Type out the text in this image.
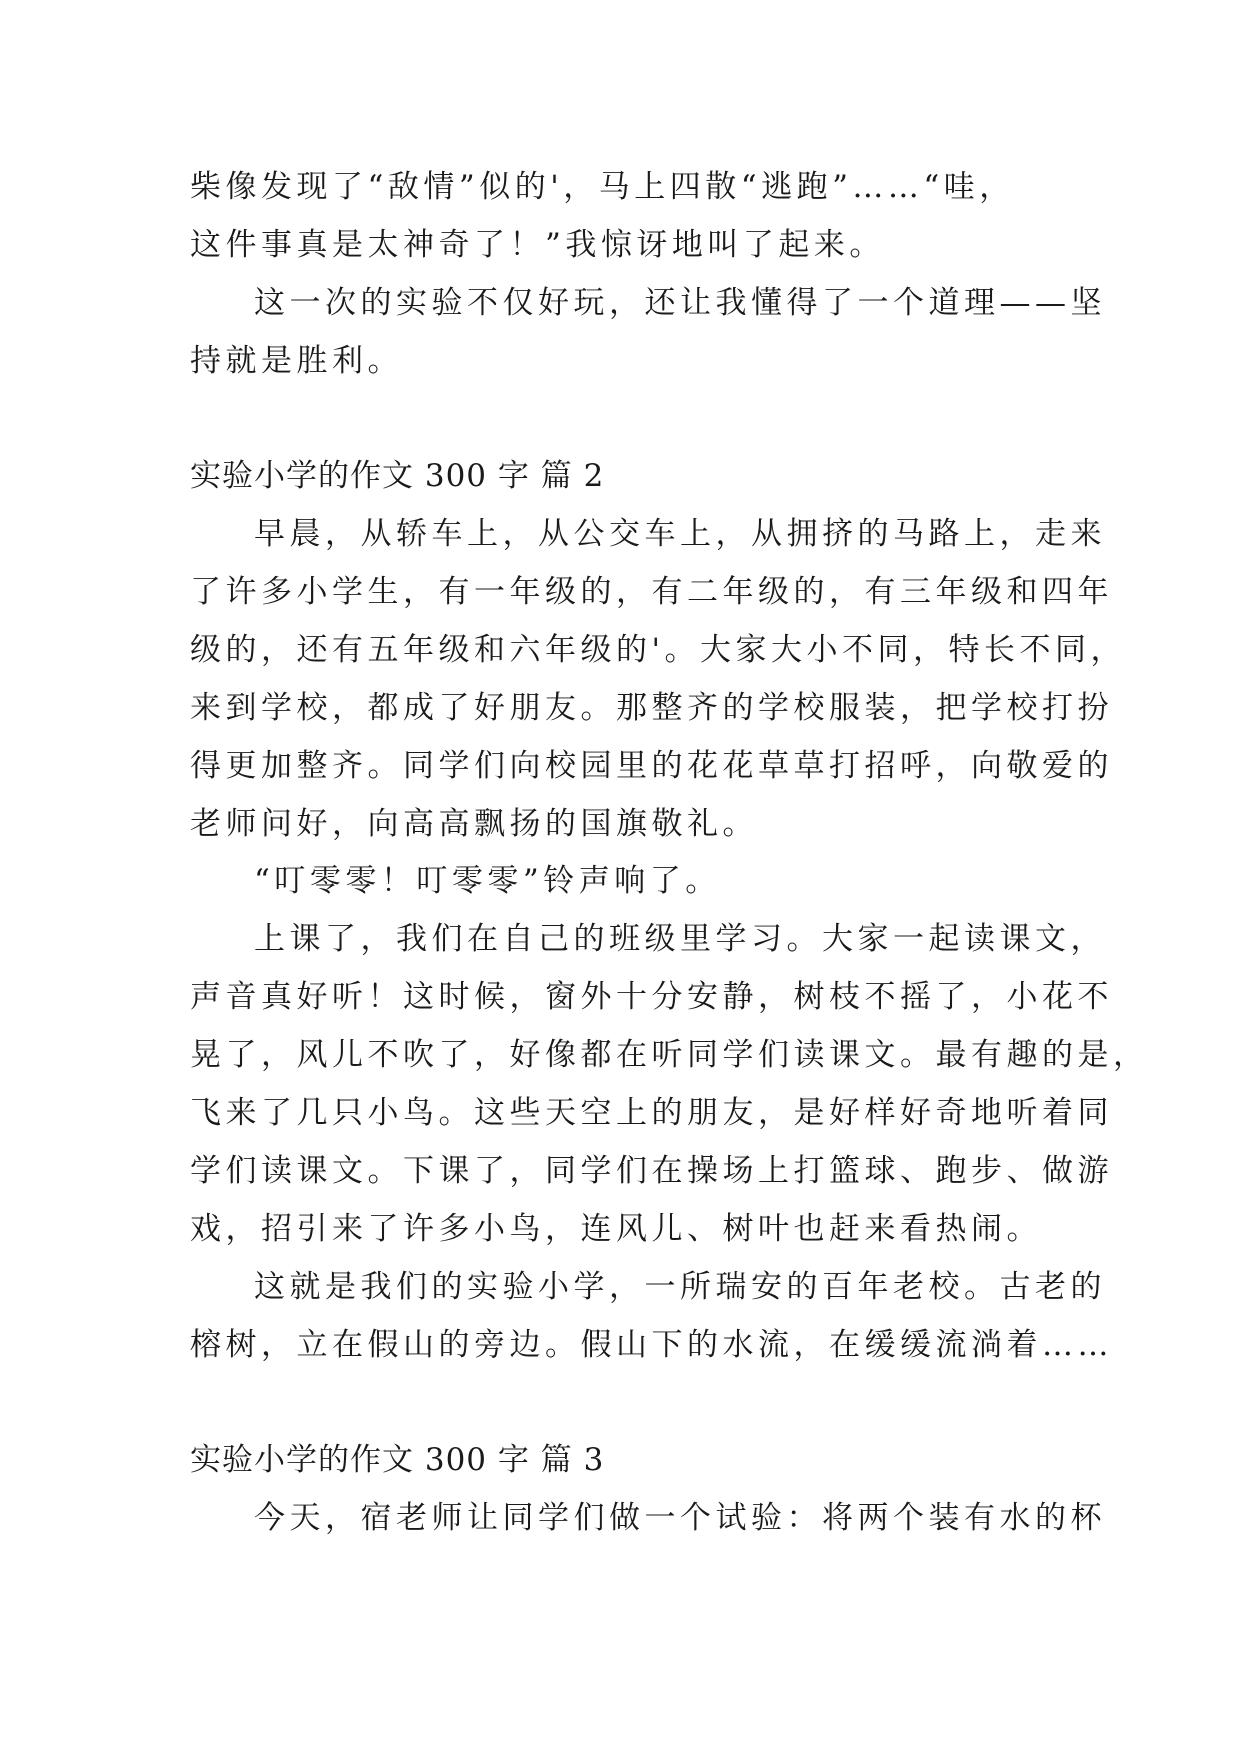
柴像发现了“敌情”似的'，马上四散“逃跑”……“哇，
这件事真是太神奇了！”我惊讶地叫了起来。
这一次的实验不仅好玩，还让我懂得了一个道理——坚
持就是胜利。
实验小学的作文 300 字 篇 2
早晨，从轿车上，从公交车上，从拥挤的马路上，走来
了许多小学生，有一年级的，有二年级的，有三年级和四年
级的，还有五年级和六年级的'。大家大小不同，特长不同，
来到学校，都成了好朋友。那整齐的学校服装，把学校打扮
得更加整齐。同学们向校园里的花花草草打招呼，向敬爱的
老师问好，向高高飘扬的国旗敬礼。
“叮零零！叮零零”铃声响了。
上课了，我们在自己的班级里学习。大家一起读课文，
声音真好听！这时候，窗外十分安静，树枝不摇了，小花不
晃了，风儿不吹了，好像都在听同学们读课文。最有趣的是，
飞来了几只小鸟。这些天空上的朋友，是好样好奇地听着同
学们读课文。下课了，同学们在操场上打篮球、跑步、做游
戏，招引来了许多小鸟，连风儿、树叶也赶来看热闹。
这就是我们的实验小学，一所瑞安的百年老校。古老的
榕树，立在假山的旁边。假山下的水流，在缓缓流淌着……
实验小学的作文 300 字 篇 3
今天，宿老师让同学们做一个试验：将两个装有水的杯
